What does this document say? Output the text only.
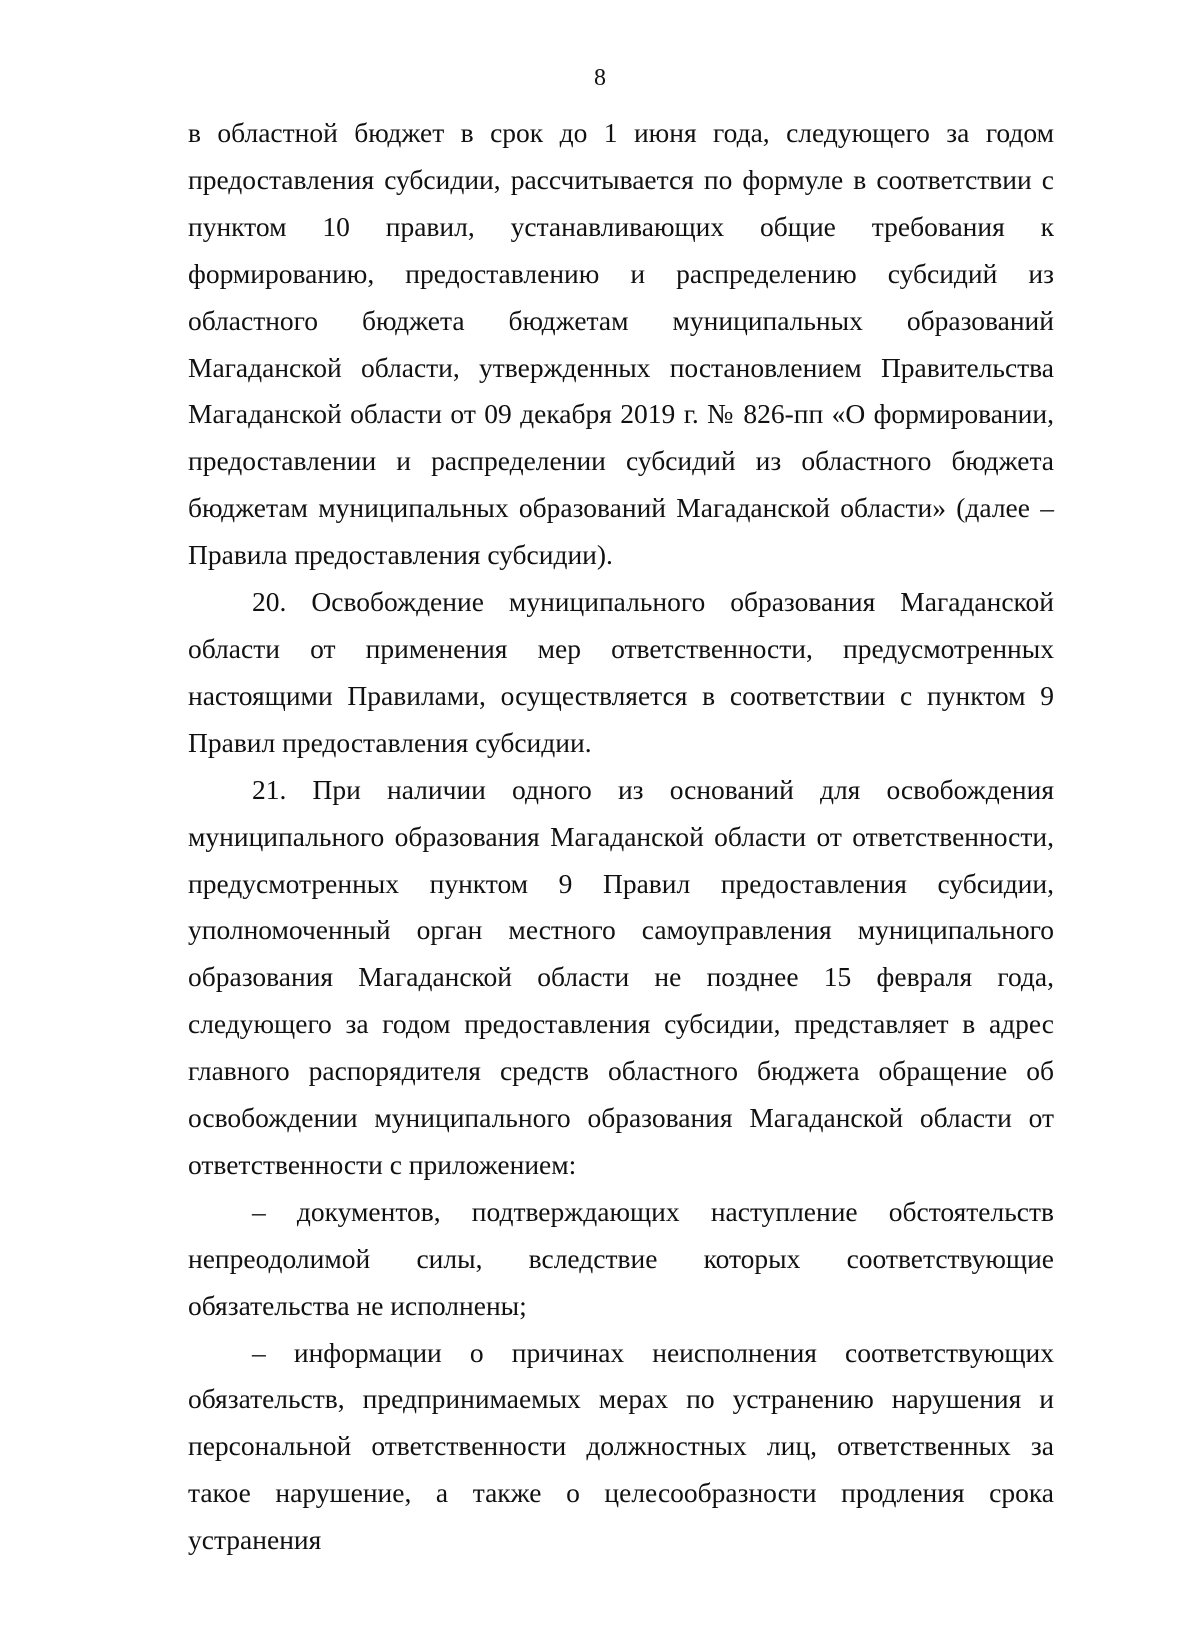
8

в областной бюджет в срок до 1 июня года, следующего за годом предоставления субсидии, рассчитывается по формуле в соответствии с пунктом 10 правил, устанавливающих общие требования к формированию, предоставлению и распределению субсидий из областного бюджета бюджетам муниципальных образований Магаданской области, утвержденных постановлением Правительства Магаданской области от 09 декабря 2019 г. № 826-пп «О формировании, предоставлении и распределении субсидий из областного бюджета бюджетам муниципальных образований Магаданской области» (далее – Правила предоставления субсидии).

20. Освобождение муниципального образования Магаданской области от применения мер ответственности, предусмотренных настоящими Правилами, осуществляется в соответствии с пунктом 9 Правил предоставления субсидии.

21. При наличии одного из оснований для освобождения муниципального образования Магаданской области от ответственности, предусмотренных пунктом 9 Правил предоставления субсидии, уполномоченный орган местного самоуправления муниципального образования Магаданской области не позднее 15 февраля года, следующего за годом предоставления субсидии, представляет в адрес главного распорядителя средств областного бюджета обращение об освобождении муниципального образования Магаданской области от ответственности с приложением:

– документов, подтверждающих наступление обстоятельств непреодолимой силы, вследствие которых соответствующие обязательства не исполнены;

– информации о причинах неисполнения соответствующих обязательств, предпринимаемых мерах по устранению нарушения и персональной ответственности должностных лиц, ответственных за такое нарушение, а также о целесообразности продления срока устранения
